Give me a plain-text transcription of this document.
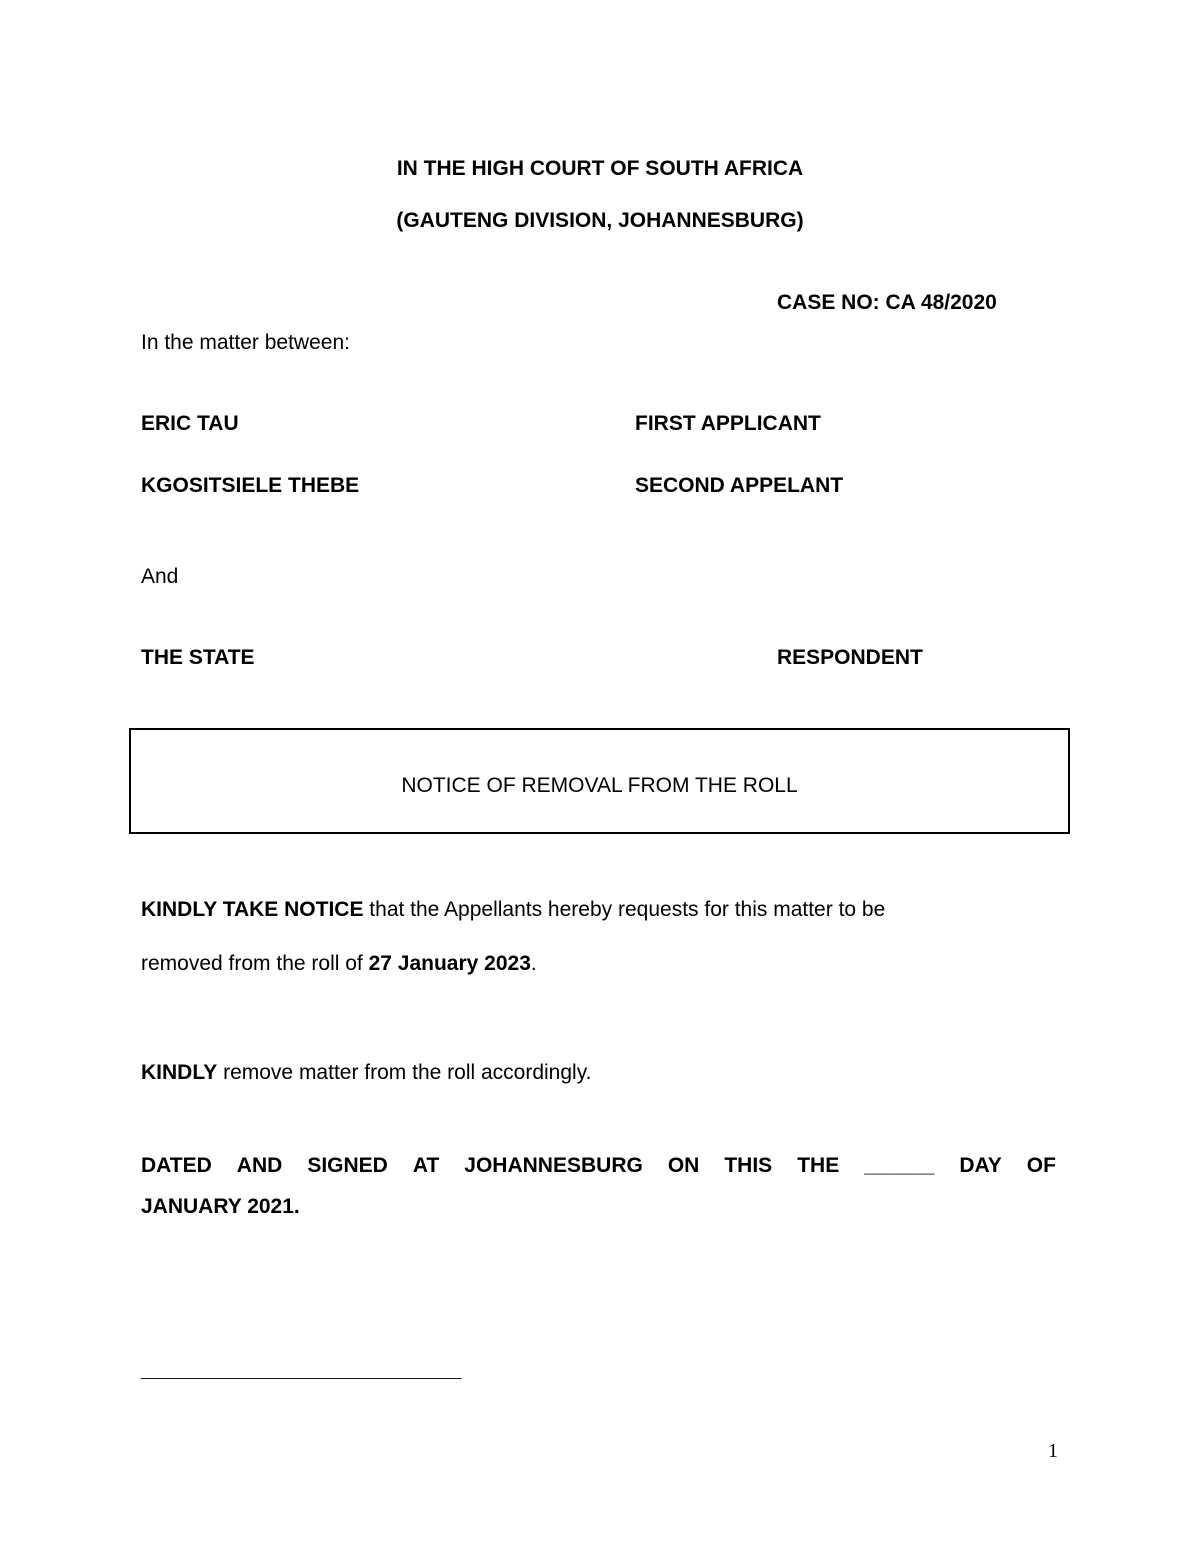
IN THE HIGH COURT OF SOUTH AFRICA
(GAUTENG DIVISION, JOHANNESBURG)
CASE NO: CA 48/2020
In the matter between:
ERIC TAU	FIRST APPLICANT
KGOSITSIELE THEBE	SECOND APPELANT
And
THE STATE	RESPONDENT
NOTICE OF REMOVAL FROM THE ROLL
KINDLY TAKE NOTICE that the Appellants hereby requests for this matter to be
removed from the roll of 27 January 2023.
KINDLY remove matter from the roll accordingly.
DATED AND SIGNED AT JOHANNESBURG ON THIS THE ______ DAY OF
JANUARY 2021.
________________________
1
